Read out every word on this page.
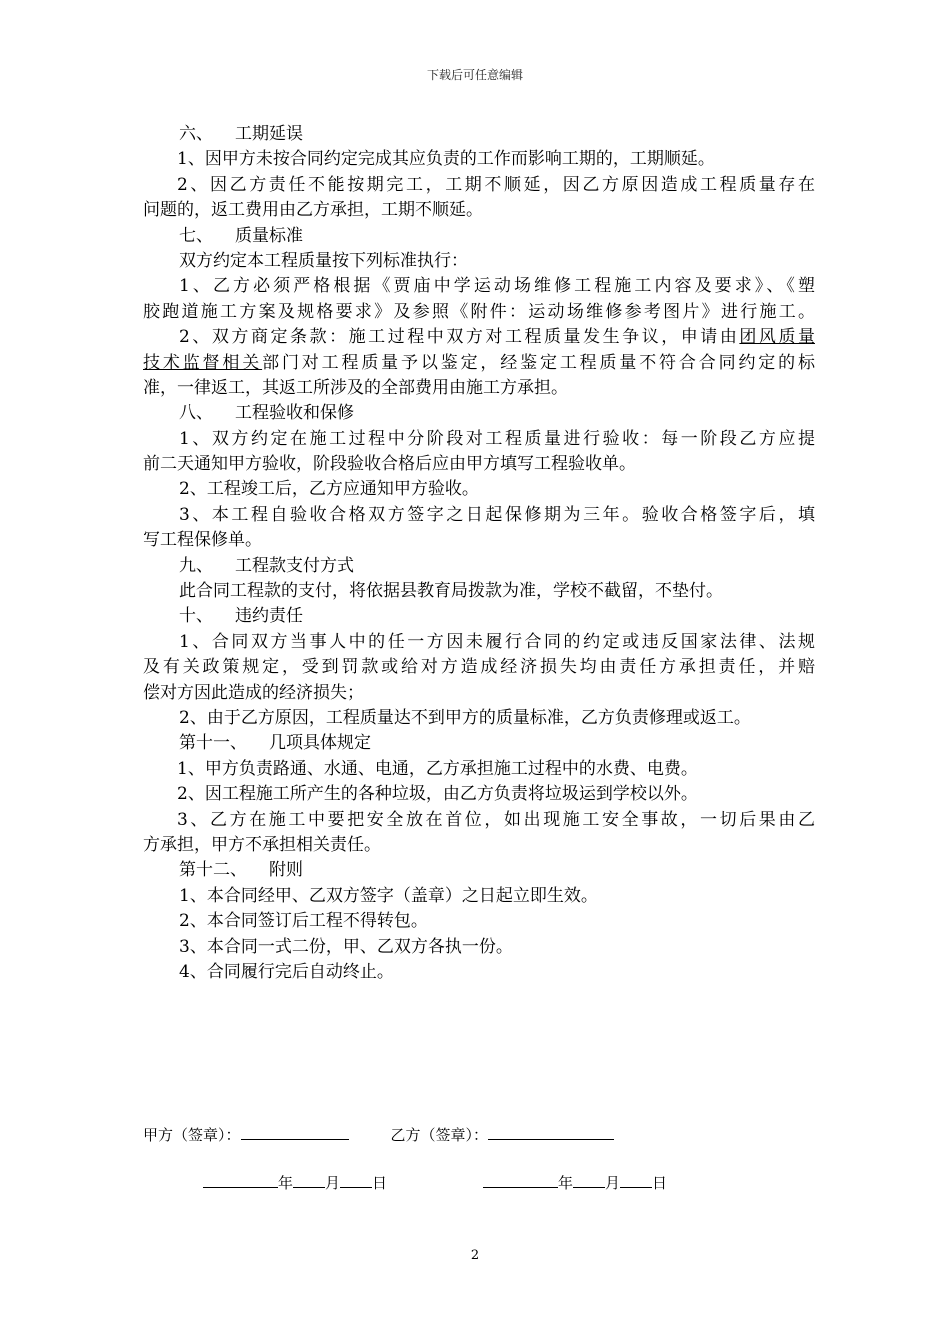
下载后可任意编辑
六、 工期延误
1、因甲方未按合同约定完成其应负责的工作而影响工期的，工期顺延。
2、因乙方责任不能按期完工，工期不顺延，因乙方原因造成工程质量存在
问题的，返工费用由乙方承担，工期不顺延。
七、 质量标准
双方约定本工程质量按下列标准执行：
1、乙方必须严格根据《贾庙中学运动场维修工程施工内容及要求》、《塑
胶跑道施工方案及规格要求》及参照《附件：运动场维修参考图片》进行施工。
2、双方商定条款：施工过程中双方对工程质量发生争议，申请由团风质量
技术监督相关部门对工程质量予以鉴定，经鉴定工程质量不符合合同约定的标
准，一律返工，其返工所涉及的全部费用由施工方承担。
八、 工程验收和保修
1、双方约定在施工过程中分阶段对工程质量进行验收：每一阶段乙方应提
前二天通知甲方验收，阶段验收合格后应由甲方填写工程验收单。
2、工程竣工后，乙方应通知甲方验收。
3、本工程自验收合格双方签字之日起保修期为三年。验收合格签字后，填
写工程保修单。
九、 工程款支付方式
此合同工程款的支付，将依据县教育局拨款为准，学校不截留，不垫付。
十、 违约责任
1、合同双方当事人中的任一方因未履行合同的约定或违反国家法律、法规
及有关政策规定，受到罚款或给对方造成经济损失均由责任方承担责任，并赔
偿对方因此造成的经济损失；
2、由于乙方原因，工程质量达不到甲方的质量标准，乙方负责修理或返工。
第十一、 几项具体规定
1、甲方负责路通、水通、电通，乙方承担施工过程中的水费、电费。
2、因工程施工所产生的各种垃圾，由乙方负责将垃圾运到学校以外。
3、乙方在施工中要把安全放在首位，如出现施工安全事故，一切后果由乙
方承担，甲方不承担相关责任。
第十二、 附则
1、本合同经甲、乙双方签字（盖章）之日起立即生效。
2、本合同签订后工程不得转包。
3、本合同一式二份，甲、乙双方各执一份。
4、合同履行完后自动终止。
甲方（签章）：	乙方（签章）：
年 月 日	年 月 日
2
